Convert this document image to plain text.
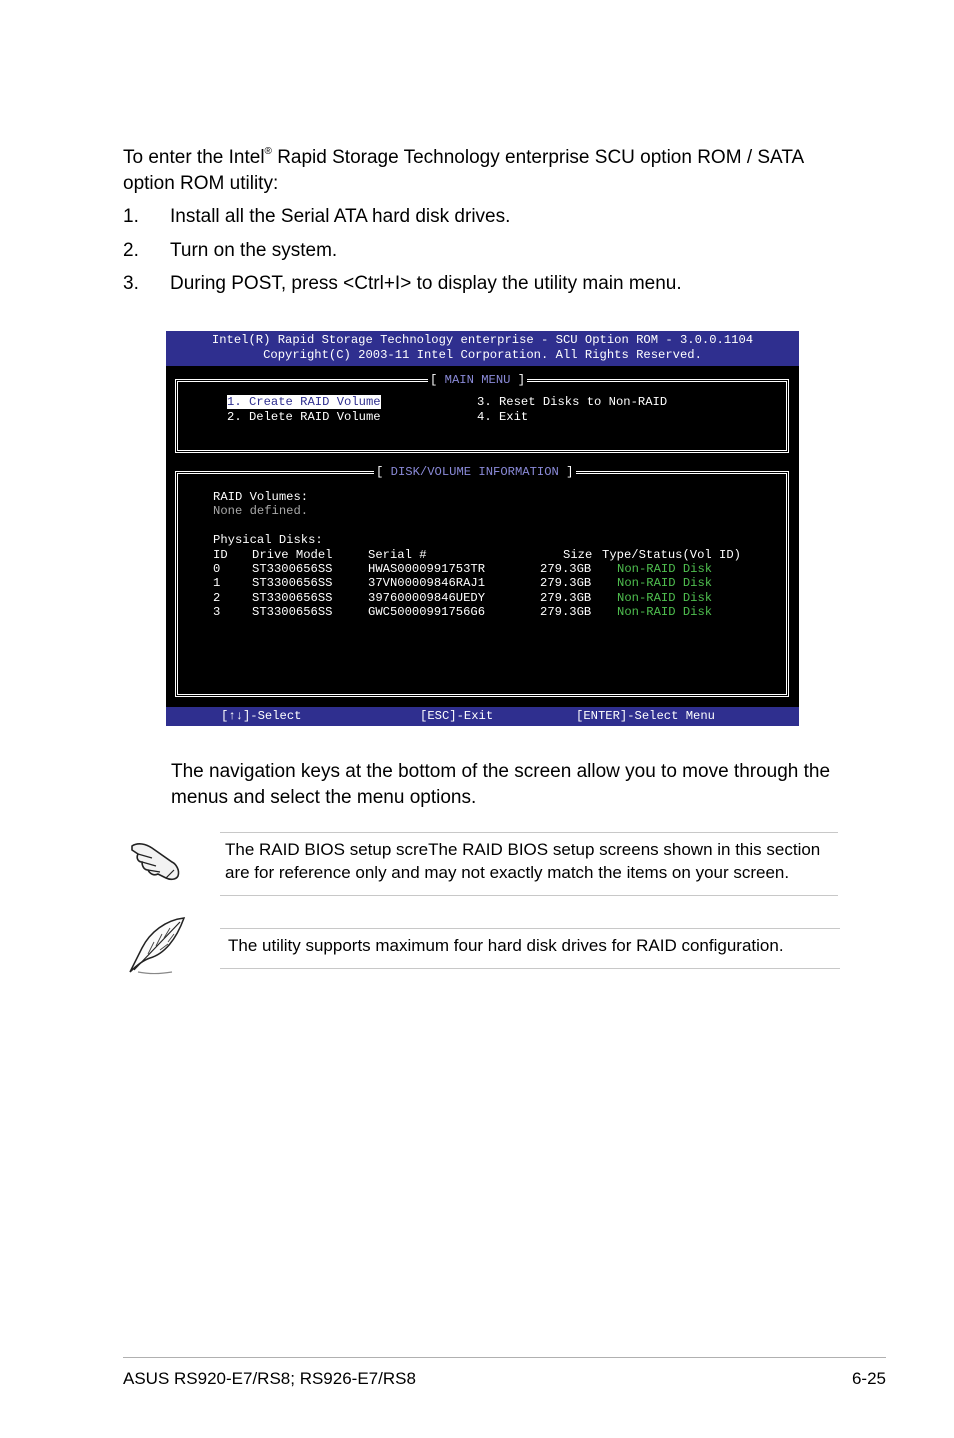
To enter the Intel® Rapid Storage Technology enterprise SCU option ROM / SATA option ROM utility:
1. Install all the Serial ATA hard disk drives.
2. Turn on the system.
3. During POST, press <Ctrl+I> to display the utility main menu.
Intel(R) Rapid Storage Technology enterprise - SCU Option ROM - 3.0.0.1104
Copyright(C) 2003-11 Intel Corporation. All Rights Reserved.
[ MAIN MENU ]
1. Create RAID Volume
2. Delete RAID Volume
3. Reset Disks to Non-RAID
4. Exit
[ DISK/VOLUME INFORMATION ]
RAID Volumes:
None defined.
Physical Disks:
ID Drive Model	Serial #	Size Type/Status(Vol ID)
0	ST3300656SS	HWAS0000991753TR	279.3GB Non-RAID Disk
1	ST3300656SS	37VN00009846RAJ1	279.3GB Non-RAID Disk
2	ST3300656SS	397600009846UEDY	279.3GB Non-RAID Disk
3	ST3300656SS	GWC50000991756G6	279.3GB Non-RAID Disk
[↑↓]-Select	[ESC]-Exit	[ENTER]-Select Menu
The navigation keys at the bottom of the screen allow you to move through the menus and select the menu options.
The RAID BIOS setup screThe RAID BIOS setup screens shown in this section are for reference only and may not exactly match the items on your screen.
The utility supports maximum four hard disk drives for RAID configuration.
ASUS RS920-E7/RS8; RS926-E7/RS8	6-25
